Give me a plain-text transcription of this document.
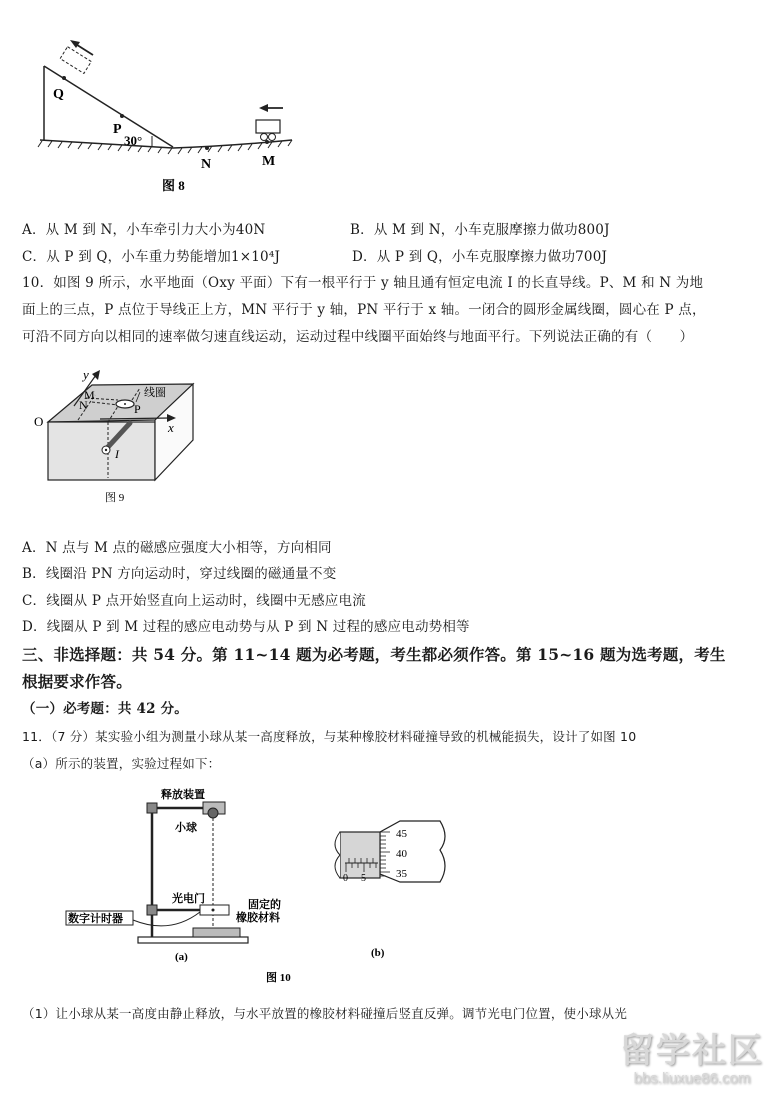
Q
P
30°
N	M
图 8
A．从 M 到 N，小车牵引力大小为40N	B．从 M 到 N，小车克服摩擦力做功800J
C．从 P 到 Q，小车重力势能增加1×10⁴J	D．从 P 到 Q，小车克服摩擦力做功700J
10．如图 9 所示，水平地面（Oxy 平面）下有一根平行于 y 轴且通有恒定电流 I 的长直导线。P、M 和 N 为地
面上的三点，P 点位于导线正上方，MN 平行于 y 轴，PN 平行于 x 轴。一闭合的圆形金属线圈，圆心在 P 点，
可沿不同方向以相同的速率做匀速直线运动，运动过程中线圈平面始终与地面平行。下列说法正确的有（　　）
y
M
N	P
线圈
O	x
I
图 9
A．N 点与 M 点的磁感应强度大小相等，方向相同
B．线圈沿 PN 方向运动时，穿过线圈的磁通量不变
C．线圈从 P 点开始竖直向上运动时，线圈中无感应电流
D．线圈从 P 到 M 过程的感应电动势与从 P 到 N 过程的感应电动势相等
三、非选择题：共 54 分。第 11~14 题为必考题，考生都必须作答。第 15~16 题为选考题，考生
根据要求作答。
（一）必考题：共 42 分。
11．（7 分）某实验小组为测量小球从某一高度释放，与某种橡胶材料碰撞导致的机械能损失，设计了如图 10
（a）所示的装置，实验过程如下：
释放装置
小球
光电门
数字计时器
固定的
橡胶材料
(a)
图 10
45
40
35
0 5
(b)
（1）让小球从某一高度由静止释放，与水平放置的橡胶材料碰撞后竖直反弹。调节光电门位置，使小球从光
留学社区
bbs.liuxue86.com
